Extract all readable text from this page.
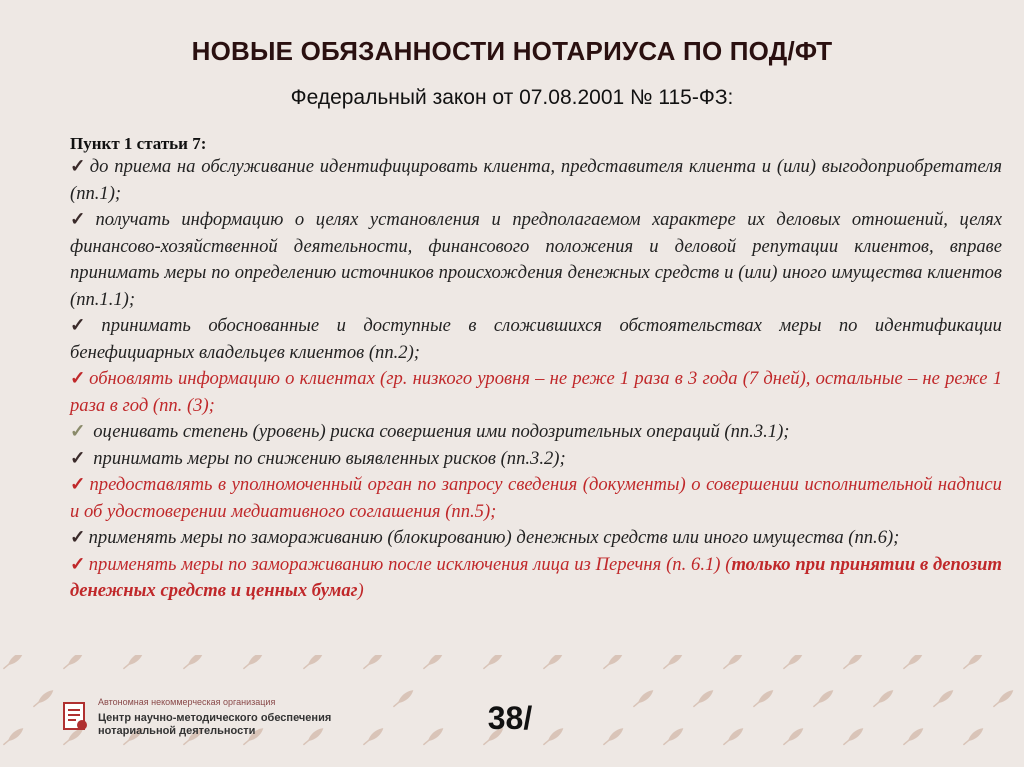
НОВЫЕ ОБЯЗАННОСТИ НОТАРИУСА ПО ПОД/ФТ
Федеральный закон от 07.08.2001 № 115-ФЗ:
Пункт 1 статьи 7:
✓ до приема на обслуживание идентифицировать клиента, представителя клиента и (или) выгодоприобретателя (пп.1);
✓ получать информацию о целях установления и предполагаемом характере их деловых отношений, целях финансово-хозяйственной деятельности, финансового положения и деловой репутации клиентов, вправе принимать меры по определению источников происхождения денежных средств и (или) иного имущества клиентов (пп.1.1);
✓ принимать обоснованные и доступные в сложившихся обстоятельствах меры по идентификации бенефициарных владельцев клиентов (пп.2);
✓ обновлять информацию о клиентах (гр. низкого уровня – не реже 1 раза в 3 года (7 дней), остальные – не реже 1 раза в год (пп. (3);
✓ оценивать степень (уровень) риска совершения ими подозрительных операций (пп.3.1);
✓ принимать меры по снижению выявленных рисков (пп.3.2);
✓ предоставлять в уполномоченный орган по запросу сведения (документы) о совершении исполнительной надписи и об удостоверении медиативного соглашения (пп.5);
✓ применять меры по замораживанию (блокированию) денежных средств или иного имущества (пп.6);
✓ применять меры по замораживанию после исключения лица из Перечня (п. 6.1) (только при принятии в депозит денежных средств и ценных бумаг)
Автономная некоммерческая организация
Центр научно-методического обеспечения
нотариальной деятельности	38/
